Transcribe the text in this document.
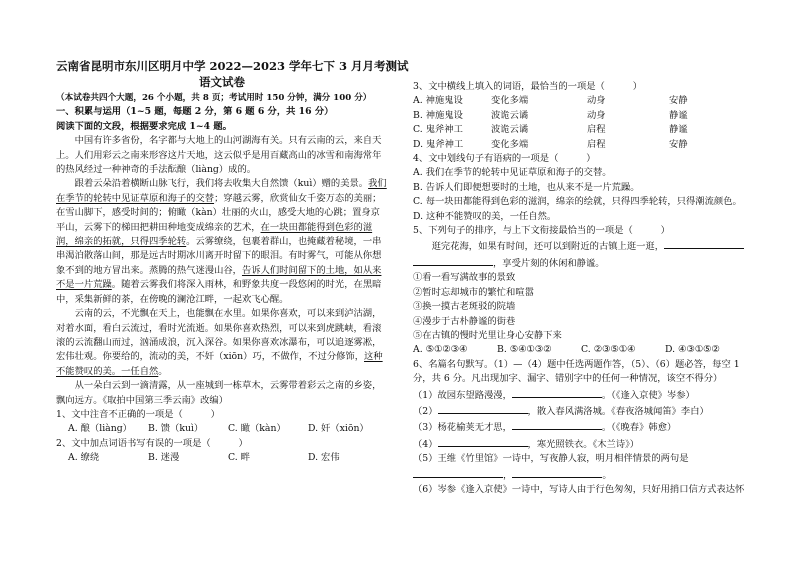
云南省昆明市东川区明月中学 2022—2023 学年七下 3 月月考测试
语文试卷
（本试卷共四个大题，26 个小题，共 8 页；考试用时 150 分钟，满分 100 分）
一、积累与运用（1~5 题，每题 2 分，第 6 题 6 分，共 16 分）
阅读下面的文段，根据要求完成 1~4 题。

中国有许多省份，名字都与大地上的山河湖海有关。只有云南的云，来自天上。人们用彩云之南来形容这片天地，这云似乎是用百藏高山的冰雪和南海常年的热风经过一种神奇的手法酝酿（liàng）成的。

跟着云朵沿着横断山脉飞行，我们将去收集大自然馈（kuì）赠的美景。我们在季节的轮转中见证草原和海子的交替；穿越云雾，欣赏仙女千姿万态的美丽；在雪山脚下，感受时间的；俯瞰（kàn）壮丽的火山，感受大地的心跳；置身京平山，云雾下的梯田把耕田种地变成绵亲的艺术，在一块田都能得到色彩的滋润，绵亲的拓就，只得四季轮转。云雾缭绕，包裹着群山，也掩藏着秘境，一串串渴泊散落山间，那是远古时期冰川离开时留下的眼泪。有时雾气，可能从你想象不到的地方冒出来。蒸腾的热气迷漫山谷，告诉人们时间留下的土地，如从来不是一片荒躁。随着云雾我们将深入雨林，和野象共度一段悠闲的时光，在黑暗中，采集新鲜的茶，在傍晚的澜沧江畔，一起欢飞心醒。

云南的云，不光飘在天上，也能飘在水里。如果你喜欢，可以来到泸沽湖，对着水面，看白云流过，看时光流逝。如果你喜欢热烈，可以来到虎跳峡，看滚滚的云流翻山而过，汹涌成浪，沉入深谷。如果你喜欢冰瀑布，可以追逐雾凇，宏伟壮观。你要给的，流动的美，不奸（xiōn）巧，不做作，不过分修饰，这种不能赞叹的美。一任自然。

从一朵白云到一滴清露，从一座城到一栋草木，云雾带着彩云之南的乡姿，飘向远方。《取拍中国第三季云南》改编）

1、文中注音不正确的一项是（　　　）
A. 酿（liàng）	B. 馈（kuì）	C. 瞰（kàn）	D. 奸（xiōn）
2、文中加点词语书写有误的一项是（　　　）
A. 缭绕	B. 迷漫	C. 畔	D. 宏伟
3、文中横线上填入的词语，最恰当的一项是（　　　）
A. 神施鬼设	变化多端	动身	安静
B. 神施鬼设	波诡云谲	动身	静谧
C. 鬼斧神工	波诡云谲	启程	静谧
D. 鬼斧神工	变化多端	启程	安静
4、文中划线句子有语病的一项是（　　　）
A. 我们在季节的轮转中见证草原和海子的交替。
B. 告诉人们即便想要时的土地，也从来不是一片荒躁。
C. 每一块田都能得到色彩的滋润，绵亲的绘就，只得四季轮转，只得潮流颜色。
D. 这种不能赞叹的美，一任自然。
5、下列句子的排序，与上下文衔接最恰当的一项是（　　　）
逛完花海，如果有时间，还可以到附近的古镇上逛一逛，，享受片刻的休闲和静谧。
①看一看写满故事的景致
②暂时忘却城市的繁忙和喧嚣
③换一摸古老斑驳的院墙
④漫步于古朴静谧的街巷
⑤在古镇的慢时光里让身心安静下来
A. ⑤①②③④	B. ⑤④①③②	C. ②③⑤①④	D. ④③①⑤②
6、名篇名句默写。（1）—（4）题中任选两题作答，（5）、（6）题必答，每空 1 分，共 6 分。凡出现加字、漏字、错别字中的任何一种情况，该空不得分）
（1）故园东望路漫漫，	。（《逢入京使》岑参）
（2）	，散入春风满洛城。《春夜洛城闻笛》李白）
（3）杨花榆荚无才思，	。（《晚春》韩愈）
（4）	，寒光照铁衣。《木兰诗》）
（5）王维《竹里馆》一诗中，写夜静人寂，明月相伴情景的两句是，	。
（6）岑参《逢入京使》一诗中，写诗人由于行色匆匆，只好用捎口信方式表达怀
